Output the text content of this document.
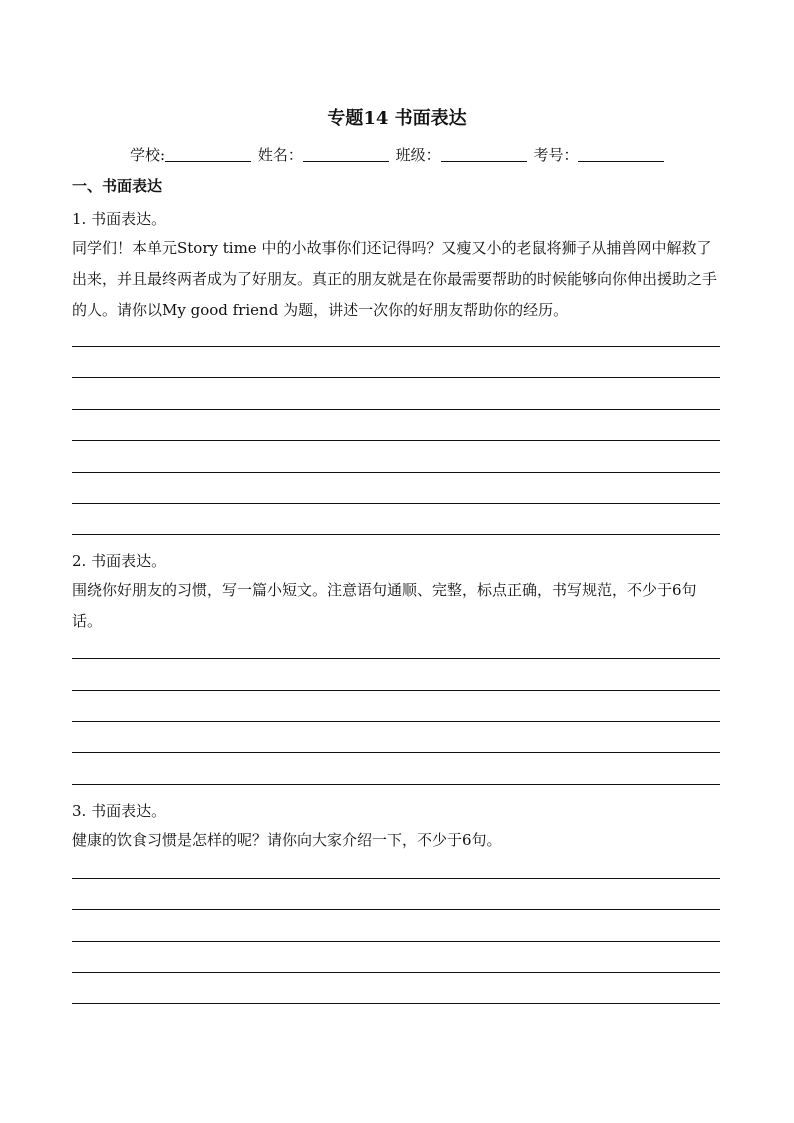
专题14 书面表达
学校:	姓名：	班级：	考号：
一、书面表达
1. 书面表达。

同学们！本单元Story time 中的小故事你们还记得吗？又瘦又小的老鼠将狮子从捕兽网中解救了出来，并且最终两者成为了好朋友。真正的朋友就是在你最需要帮助的时候能够向你伸出援助之手的人。请你以My good friend 为题，讲述一次你的好朋友帮助你的经历。

2. 书面表达。

围绕你好朋友的习惯，写一篇小短文。注意语句通顺、完整，标点正确，书写规范，不少于6句话。

3. 书面表达。

健康的饮食习惯是怎样的呢？请你向大家介绍一下，不少于6句。
